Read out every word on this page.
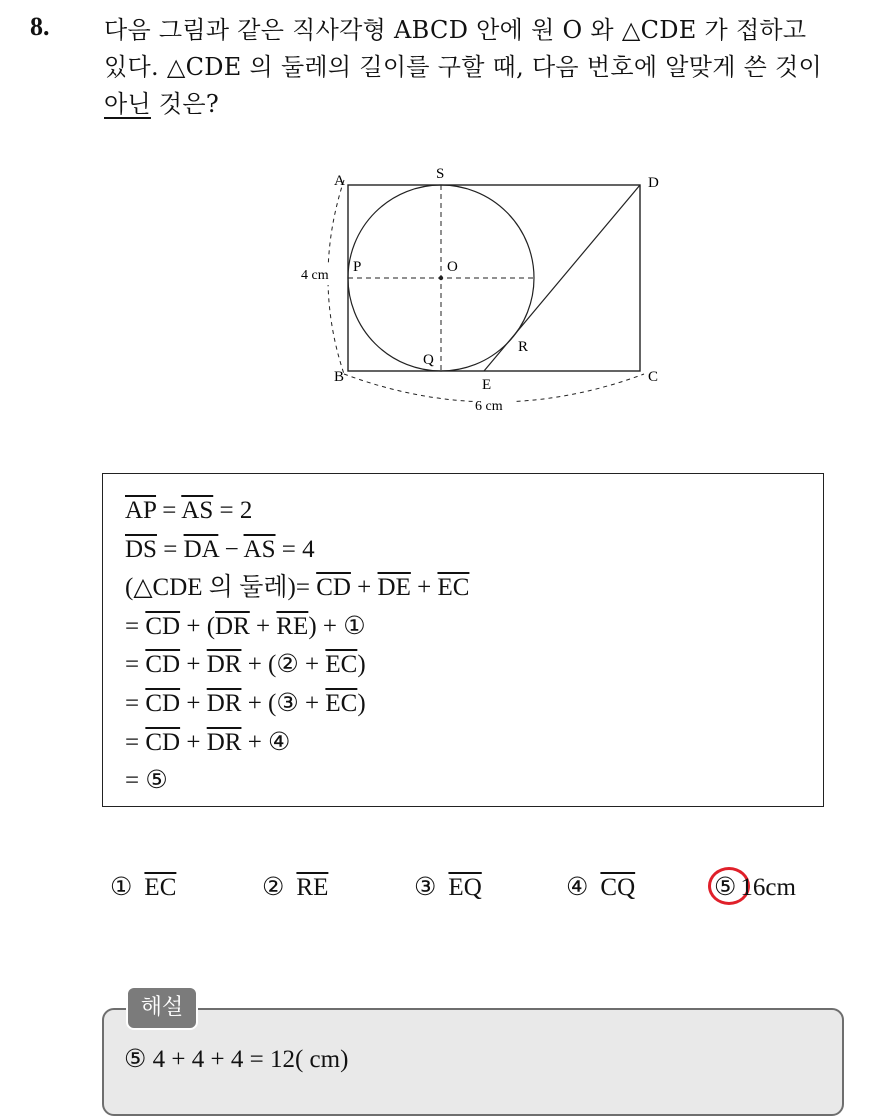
8. 다음 그림과 같은 직사각형 ABCD 안에 원 O 와 △CDE 가 접하고
있다. △CDE 의 둘레의 길이를 구할 때, 다음 번호에 알맞게 쓴 것이
아닌 것은?
A	S
D
P	O
Q
R
B	E	C
4 cm
6 cm
$\overline{AP} = \overline{AS} = 2$
$\overline{DS} = \overline{DA} - \overline{AS} = 4$
(△CDE 의 둘레)= $\overline{CD} + \overline{DE} + \overline{EC}$
= $\overline{CD} + (\overline{DR} + \overline{RE})$ + ①
= $\overline{CD} + \overline{DR}$ + (② + $\overline{EC}$)
= $\overline{CD} + \overline{DR}$ + (③ + $\overline{EC}$)
= $\overline{CD} + \overline{DR}$ + ④
= ⑤
① $\overline{EC}$	② $\overline{RE}$	③ $\overline{EQ}$	④ $\overline{CQ}$	⑤ 16cm
해설
⑤ 4 + 4 + 4 = 12( cm)
